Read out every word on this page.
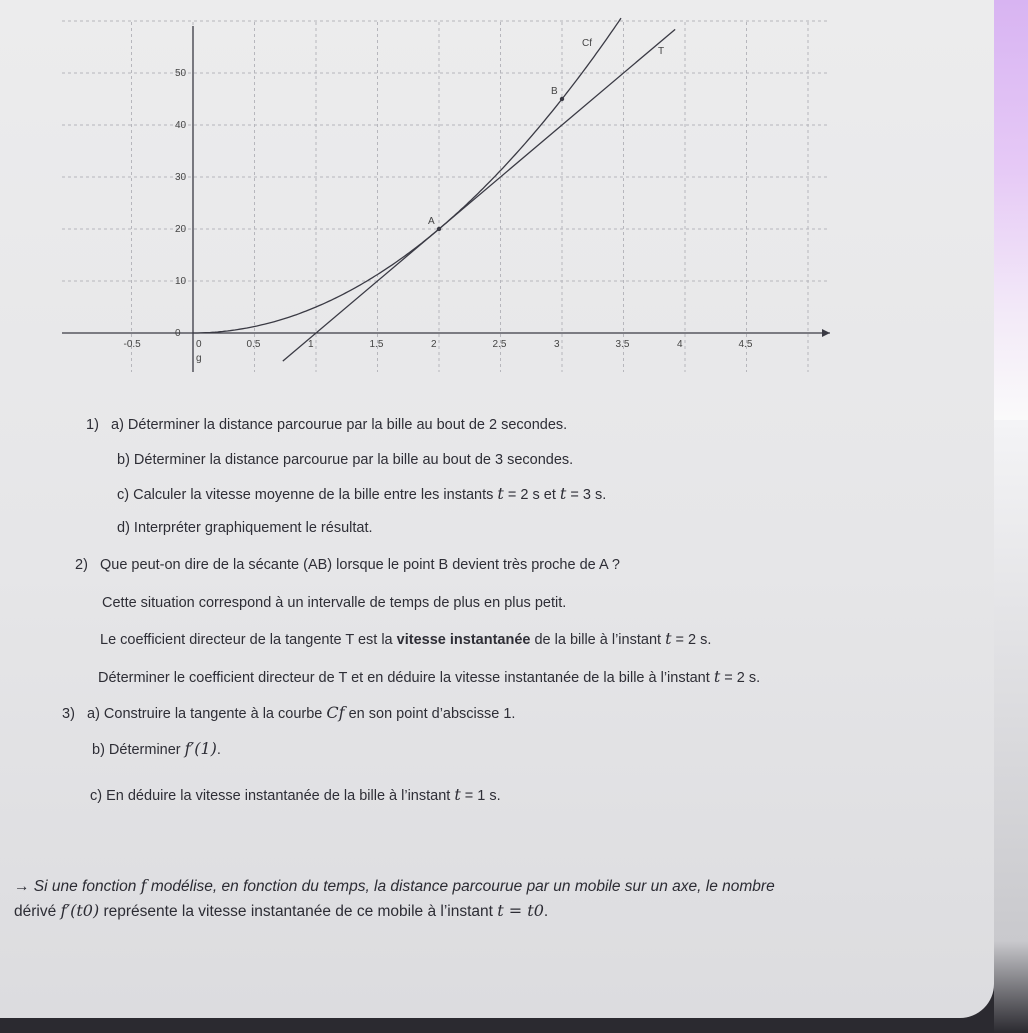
-0.5	0	0.5	1	1.5	2	2.5	3	3.5	4	4.5
0
10
20
30
40
50
g
Cf
T
A
B
1) a) Déterminer la distance parcourue par la bille au bout de 2 secondes.
b) Déterminer la distance parcourue par la bille au bout de 3 secondes.
c) Calculer la vitesse moyenne de la bille entre les instants t = 2 s et t = 3 s.
d) Interpréter graphiquement le résultat.
2) Que peut-on dire de la sécante (AB) lorsque le point B devient très proche de A ?
Cette situation correspond à un intervalle de temps de plus en plus petit.
Le coefficient directeur de la tangente T est la vitesse instantanée de la bille à l’instant t = 2 s.
Déterminer le coefficient directeur de T et en déduire la vitesse instantanée de la bille à l’instant t = 2 s.
3) a) Construire la tangente à la courbe Cf en son point d’abscisse 1.
b) Déterminer f′(1).
c) En déduire la vitesse instantanée de la bille à l’instant t = 1 s.
→ Si une fonction f modélise, en fonction du temps, la distance parcourue par un mobile sur un axe, le nombre
dérivé f′(t0) représente la vitesse instantanée de ce mobile à l’instant t = t0.
